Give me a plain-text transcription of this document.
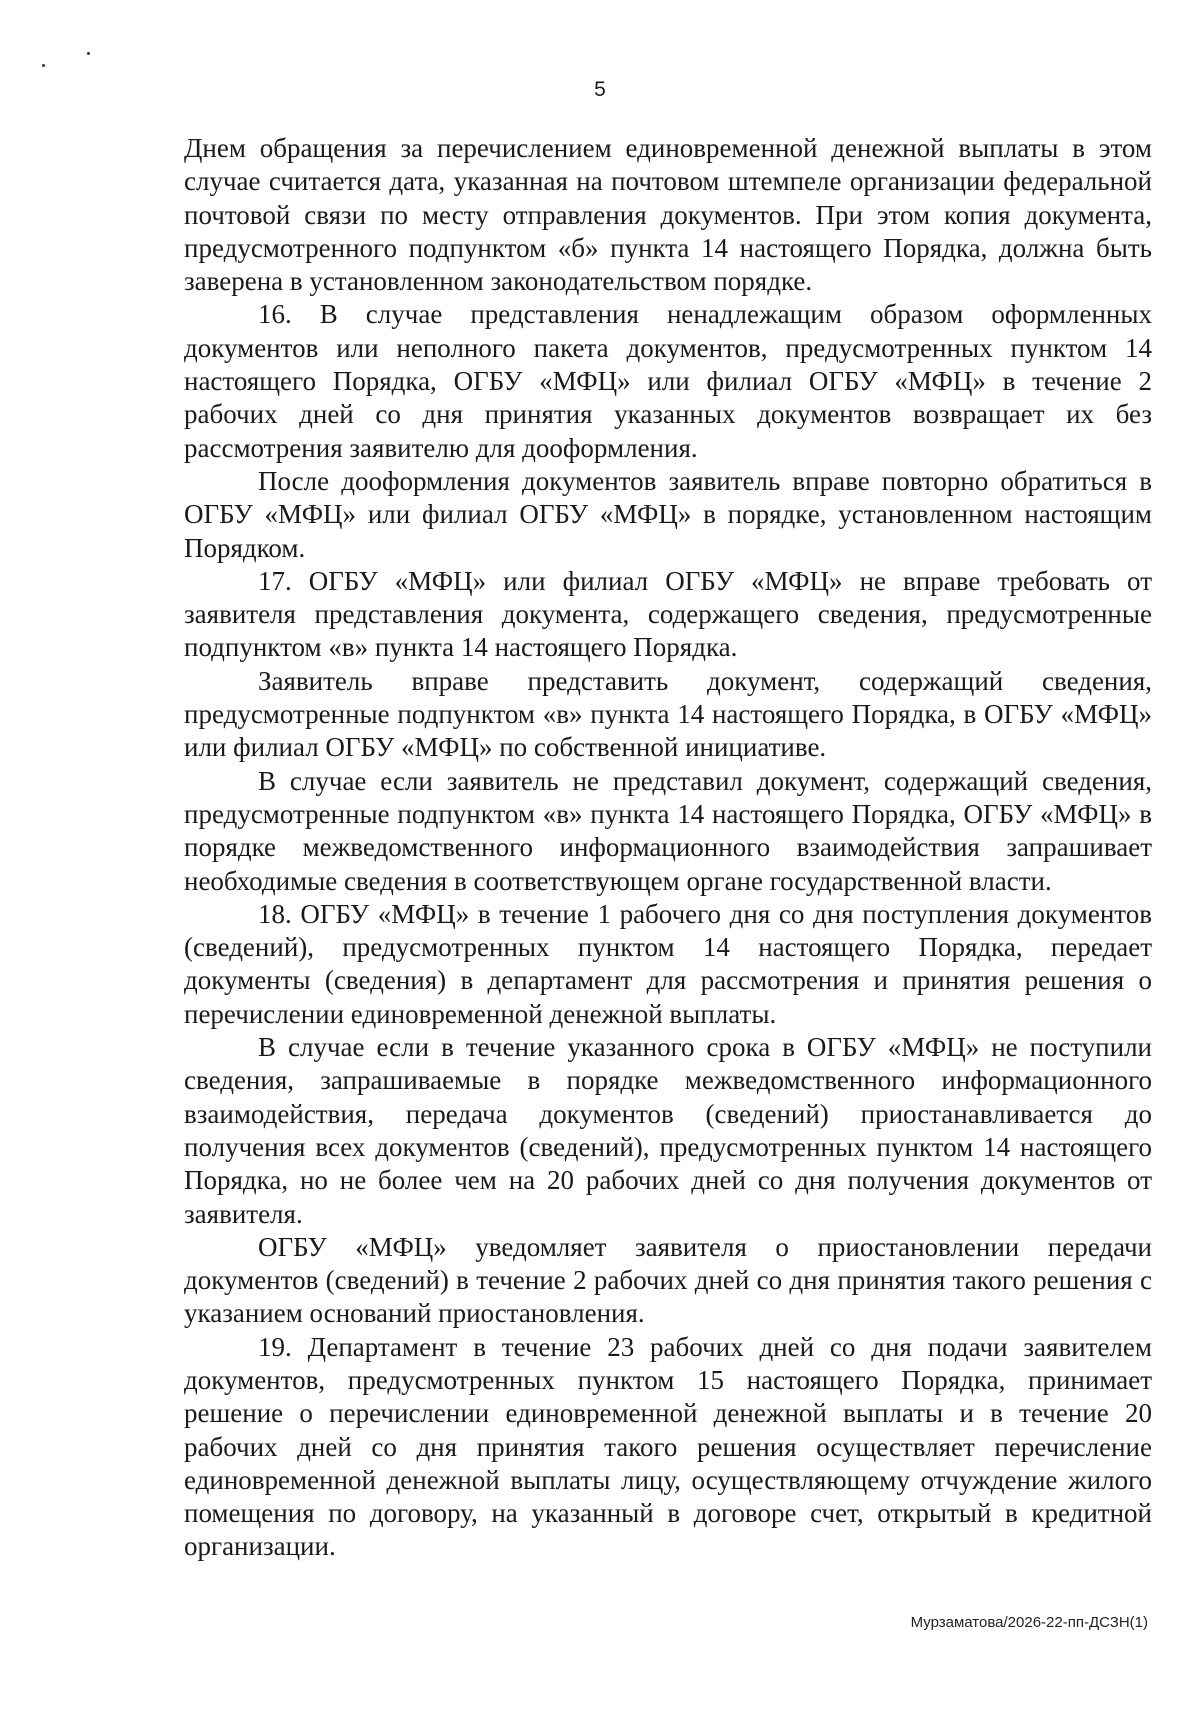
5

Днем обращения за перечислением единовременной денежной выплаты в этом случае считается дата, указанная на почтовом штемпеле организации федеральной почтовой связи по месту отправления документов. При этом копия документа, предусмотренного подпунктом «б» пункта 14 настоящего Порядка, должна быть заверена в установленном законодательством порядке.

16. В случае представления ненадлежащим образом оформленных документов или неполного пакета документов, предусмотренных пунктом 14 настоящего Порядка, ОГБУ «МФЦ» или филиал ОГБУ «МФЦ» в течение 2 рабочих дней со дня принятия указанных документов возвращает их без рассмотрения заявителю для дооформления.

После дооформления документов заявитель вправе повторно обратиться в ОГБУ «МФЦ» или филиал ОГБУ «МФЦ» в порядке, установленном настоящим Порядком.

17. ОГБУ «МФЦ» или филиал ОГБУ «МФЦ» не вправе требовать от заявителя представления документа, содержащего сведения, предусмотренные подпунктом «в» пункта 14 настоящего Порядка.

Заявитель вправе представить документ, содержащий сведения, предусмотренные подпунктом «в» пункта 14 настоящего Порядка, в ОГБУ «МФЦ» или филиал ОГБУ «МФЦ» по собственной инициативе.

В случае если заявитель не представил документ, содержащий сведения, предусмотренные подпунктом «в» пункта 14 настоящего Порядка, ОГБУ «МФЦ» в порядке межведомственного информационного взаимодействия запрашивает необходимые сведения в соответствующем органе государственной власти.

18. ОГБУ «МФЦ» в течение 1 рабочего дня со дня поступления документов (сведений), предусмотренных пунктом 14 настоящего Порядка, передает документы (сведения) в департамент для рассмотрения и принятия решения о перечислении единовременной денежной выплаты.

В случае если в течение указанного срока в ОГБУ «МФЦ» не поступили сведения, запрашиваемые в порядке межведомственного информационного взаимодействия, передача документов (сведений) приостанавливается до получения всех документов (сведений), предусмотренных пунктом 14 настоящего Порядка, но не более чем на 20 рабочих дней со дня получения документов от заявителя.

ОГБУ «МФЦ» уведомляет заявителя о приостановлении передачи документов (сведений) в течение 2 рабочих дней со дня принятия такого решения с указанием оснований приостановления.

19. Департамент в течение 23 рабочих дней со дня подачи заявителем документов, предусмотренных пунктом 15 настоящего Порядка, принимает решение о перечислении единовременной денежной выплаты и в течение 20 рабочих дней со дня принятия такого решения осуществляет перечисление единовременной денежной выплаты лицу, осуществляющему отчуждение жилого помещения по договору, на указанный в договоре счет, открытый в кредитной организации.

Мурзаматова/2026-22-пп-ДСЗН(1)
